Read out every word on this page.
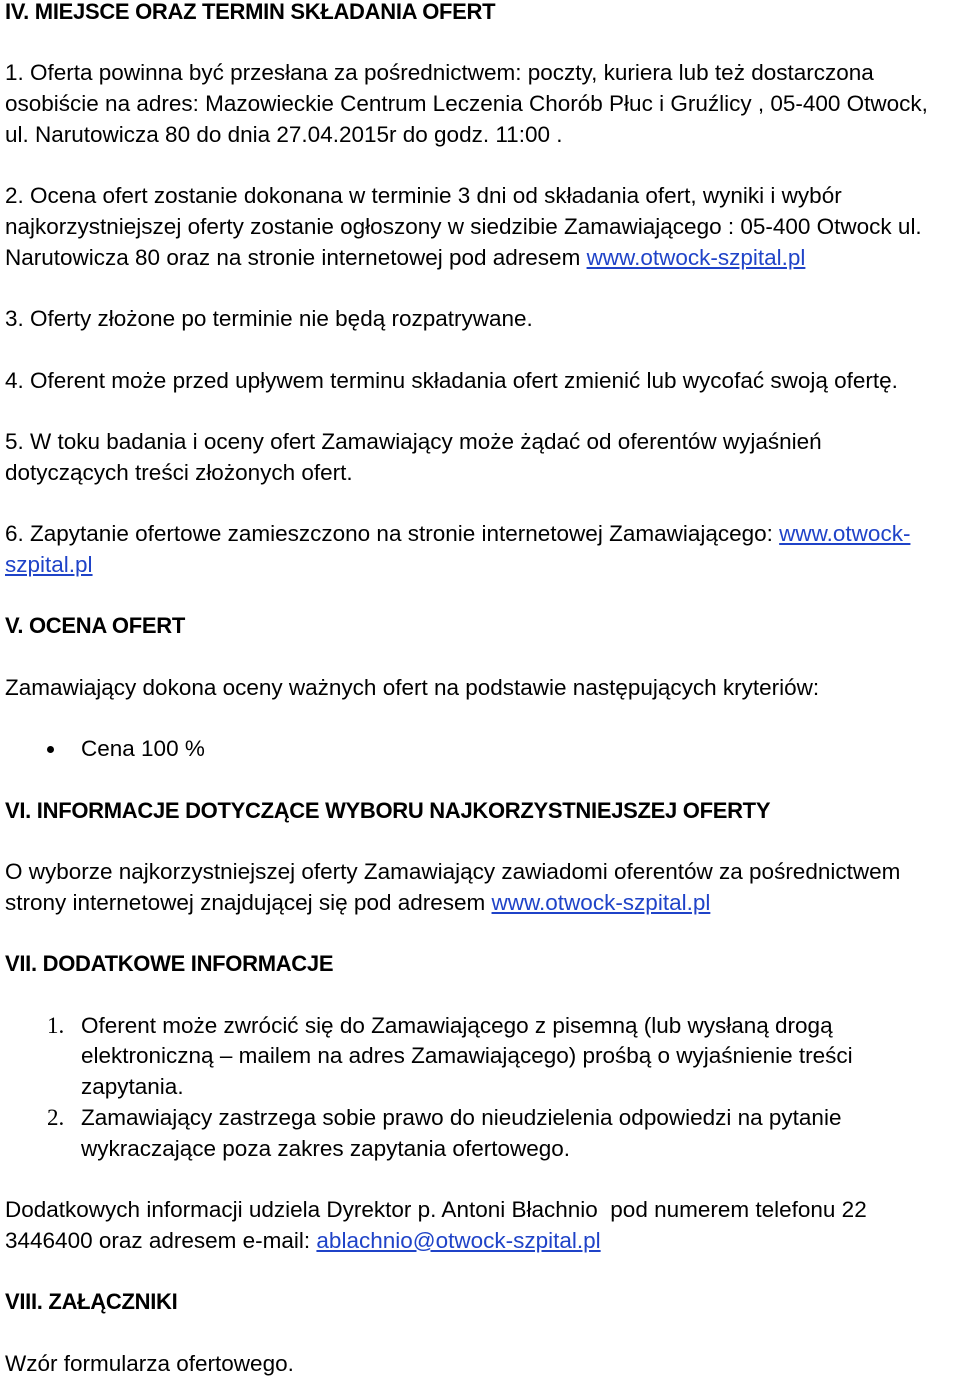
IV. MIEJSCE ORAZ TERMIN SKŁADANIA OFERT

1. Oferta powinna być przesłana za pośrednictwem: poczty, kuriera lub też dostarczona
osobiście na adres: Mazowieckie Centrum Leczenia Chorób Płuc i Gruźlicy , 05-400 Otwock,
ul. Narutowicza 80 do dnia 27.04.2015r do godz. 11:00 .

2. Ocena ofert zostanie dokonana w terminie 3 dni od składania ofert, wyniki i wybór
najkorzystniejszej oferty zostanie ogłoszony w siedzibie Zamawiającego : 05-400 Otwock ul.
Narutowicza 80 oraz na stronie internetowej pod adresem www.otwock-szpital.pl

3. Oferty złożone po terminie nie będą rozpatrywane.

4. Oferent może przed upływem terminu składania ofert zmienić lub wycofać swoją ofertę.

5. W toku badania i oceny ofert Zamawiający może żądać od oferentów wyjaśnień
dotyczących treści złożonych ofert.

6. Zapytanie ofertowe zamieszczono na stronie internetowej Zamawiającego: www.otwock-
szpital.pl

V. OCENA OFERT

Zamawiający dokona oceny ważnych ofert na podstawie następujących kryteriów:

Cena 100 %
VI. INFORMACJE DOTYCZĄCE WYBORU NAJKORZYSTNIEJSZEJ OFERTY

O wyborze najkorzystniejszej oferty Zamawiający zawiadomi oferentów za pośrednictwem
strony internetowej znajdującej się pod adresem www.otwock-szpital.pl

VII. DODATKOWE INFORMACJE
1. Oferent może zwrócić się do Zamawiającego z pisemną (lub wysłaną drogą
elektroniczną – mailem na adres Zamawiającego) prośbą o wyjaśnienie treści
zapytania.
2. Zamawiający zastrzega sobie prawo do nieudzielenia odpowiedzi na pytanie
wykraczające poza zakres zapytania ofertowego.

Dodatkowych informacji udziela Dyrektor p. Antoni Błachnio  pod numerem telefonu 22
3446400 oraz adresem e-mail: ablachnio@otwock-szpital.pl

VIII. ZAŁĄCZNIKI

Wzór formularza ofertowego.
